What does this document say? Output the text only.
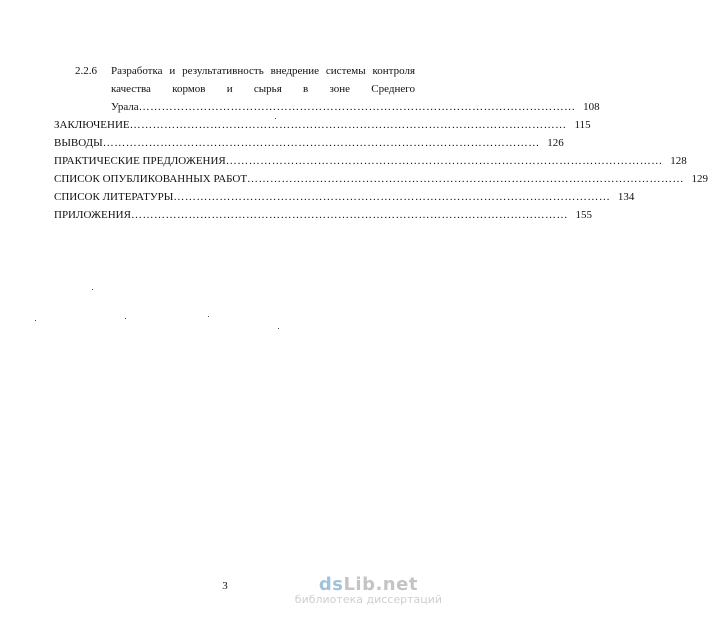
2.2.6 Разработка и результативность внедрение системы контроля
качества кормов и сырья в зоне Среднего
Урала …………………………………………………………………………………………………… 108
ЗАКЛЮЧЕНИЕ …………………………………………………………………………………………………… 115
ВЫВОДЫ …………………………………………………………………………………………………… 126
ПРАКТИЧЕСКИЕ ПРЕДЛОЖЕНИЯ …………………………………………………………………………………………………… 128
СПИСОК ОПУБЛИКОВАННЫХ РАБОТ …………………………………………………………………………………………………… 129
СПИСОК ЛИТЕРАТУРЫ …………………………………………………………………………………………………… 134
ПРИЛОЖЕНИЯ …………………………………………………………………………………………………… 155
3	dsLib.net
библиотека диссертаций
